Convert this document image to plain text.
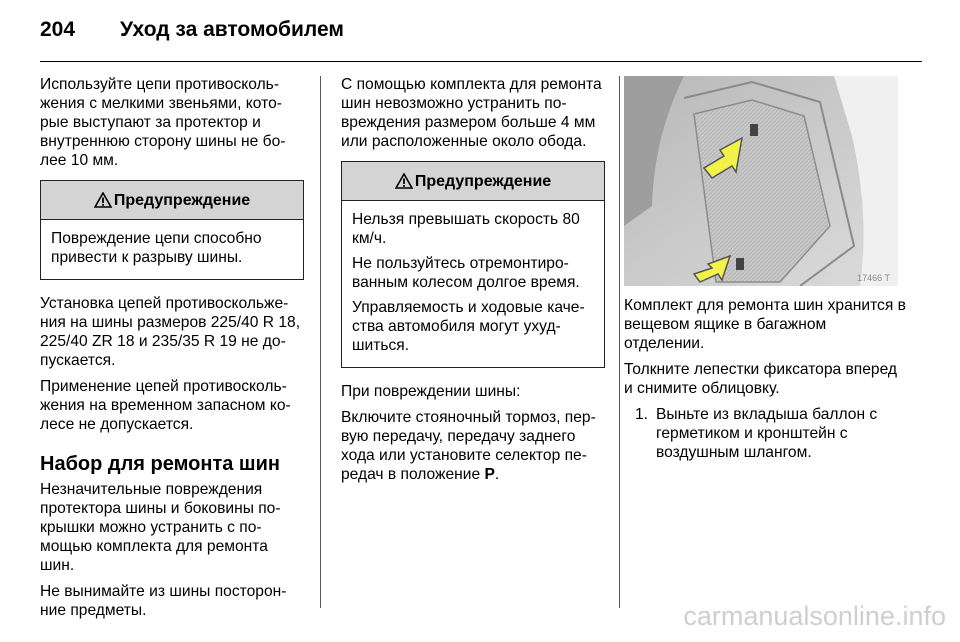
204 Уход за автомобилем

Используйте цепи противоскольжения с мелкими звеньями, которые выступают за протектор и внутреннюю сторону шины не более 10 мм.

Предупреждение

Повреждение цепи способно привести к разрыву шины.

Установка цепей противоскольжения на шины размеров 225/40 R 18, 225/40 ZR 18 и 235/35 R 19 не допускается.

Применение цепей противоскольжения на временном запасном колесе не допускается.

Набор для ремонта шин

Незначительные повреждения протектора шины и боковины покрышки можно устранить с помощью комплекта для ремонта шин.

Не вынимайте из шины посторонние предметы.

С помощью комплекта для ремонта шин невозможно устранить повреждения размером больше 4 мм или расположенные около обода.

Предупреждение

Нельзя превышать скорость 80 км/ч.

Не пользуйтесь отремонтированным колесом долгое время.

Управляемость и ходовые качества автомобиля могут ухудшиться.

При повреждении шины:

Включите стояночный тормоз, первую передачу, передачу заднего хода или установите селектор передач в положение P.

17466 T

Комплект для ремонта шин хранится в вещевом ящике в багажном отделении.

Толкните лепестки фиксатора вперед и снимите облицовку.

1. Выньте из вкладыша баллон с герметиком и кронштейн с воздушным шлангом.
carmanualsonline.info
